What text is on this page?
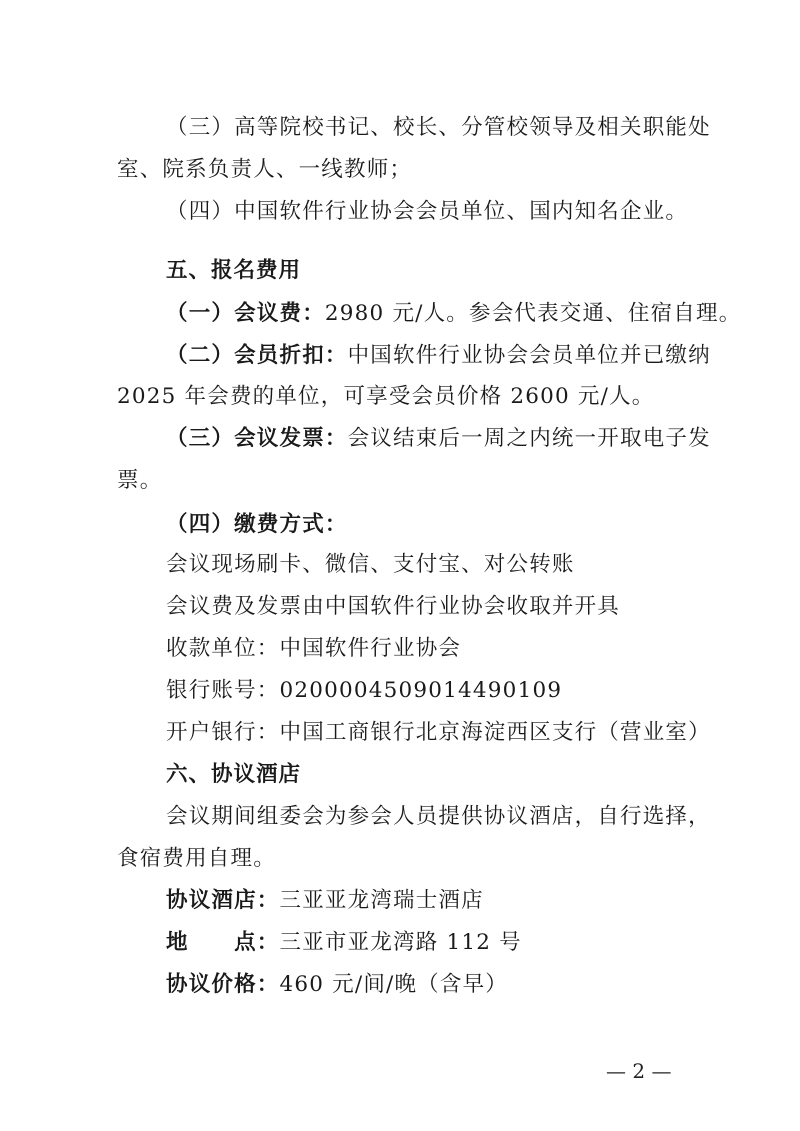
（三）高等院校书记、校长、分管校领导及相关职能处
室、院系负责人、一线教师；
（四）中国软件行业协会会员单位、国内知名企业。
五、报名费用
（一）会议费：2980 元/人。参会代表交通、住宿自理。
（二）会员折扣：中国软件行业协会会员单位并已缴纳
2025 年会费的单位，可享受会员价格 2600 元/人。
（三）会议发票：会议结束后一周之内统一开取电子发
票。
（四）缴费方式：
会议现场刷卡、微信、支付宝、对公转账
会议费及发票由中国软件行业协会收取并开具
收款单位：中国软件行业协会
银行账号：0200004509014490109
开户银行：中国工商银行北京海淀西区支行（营业室）
六、协议酒店
会议期间组委会为参会人员提供协议酒店，自行选择，
食宿费用自理。
协议酒店：三亚亚龙湾瑞士酒店
地　　点：三亚市亚龙湾路 112 号
协议价格：460 元/间/晚（含早）
— 2 —
